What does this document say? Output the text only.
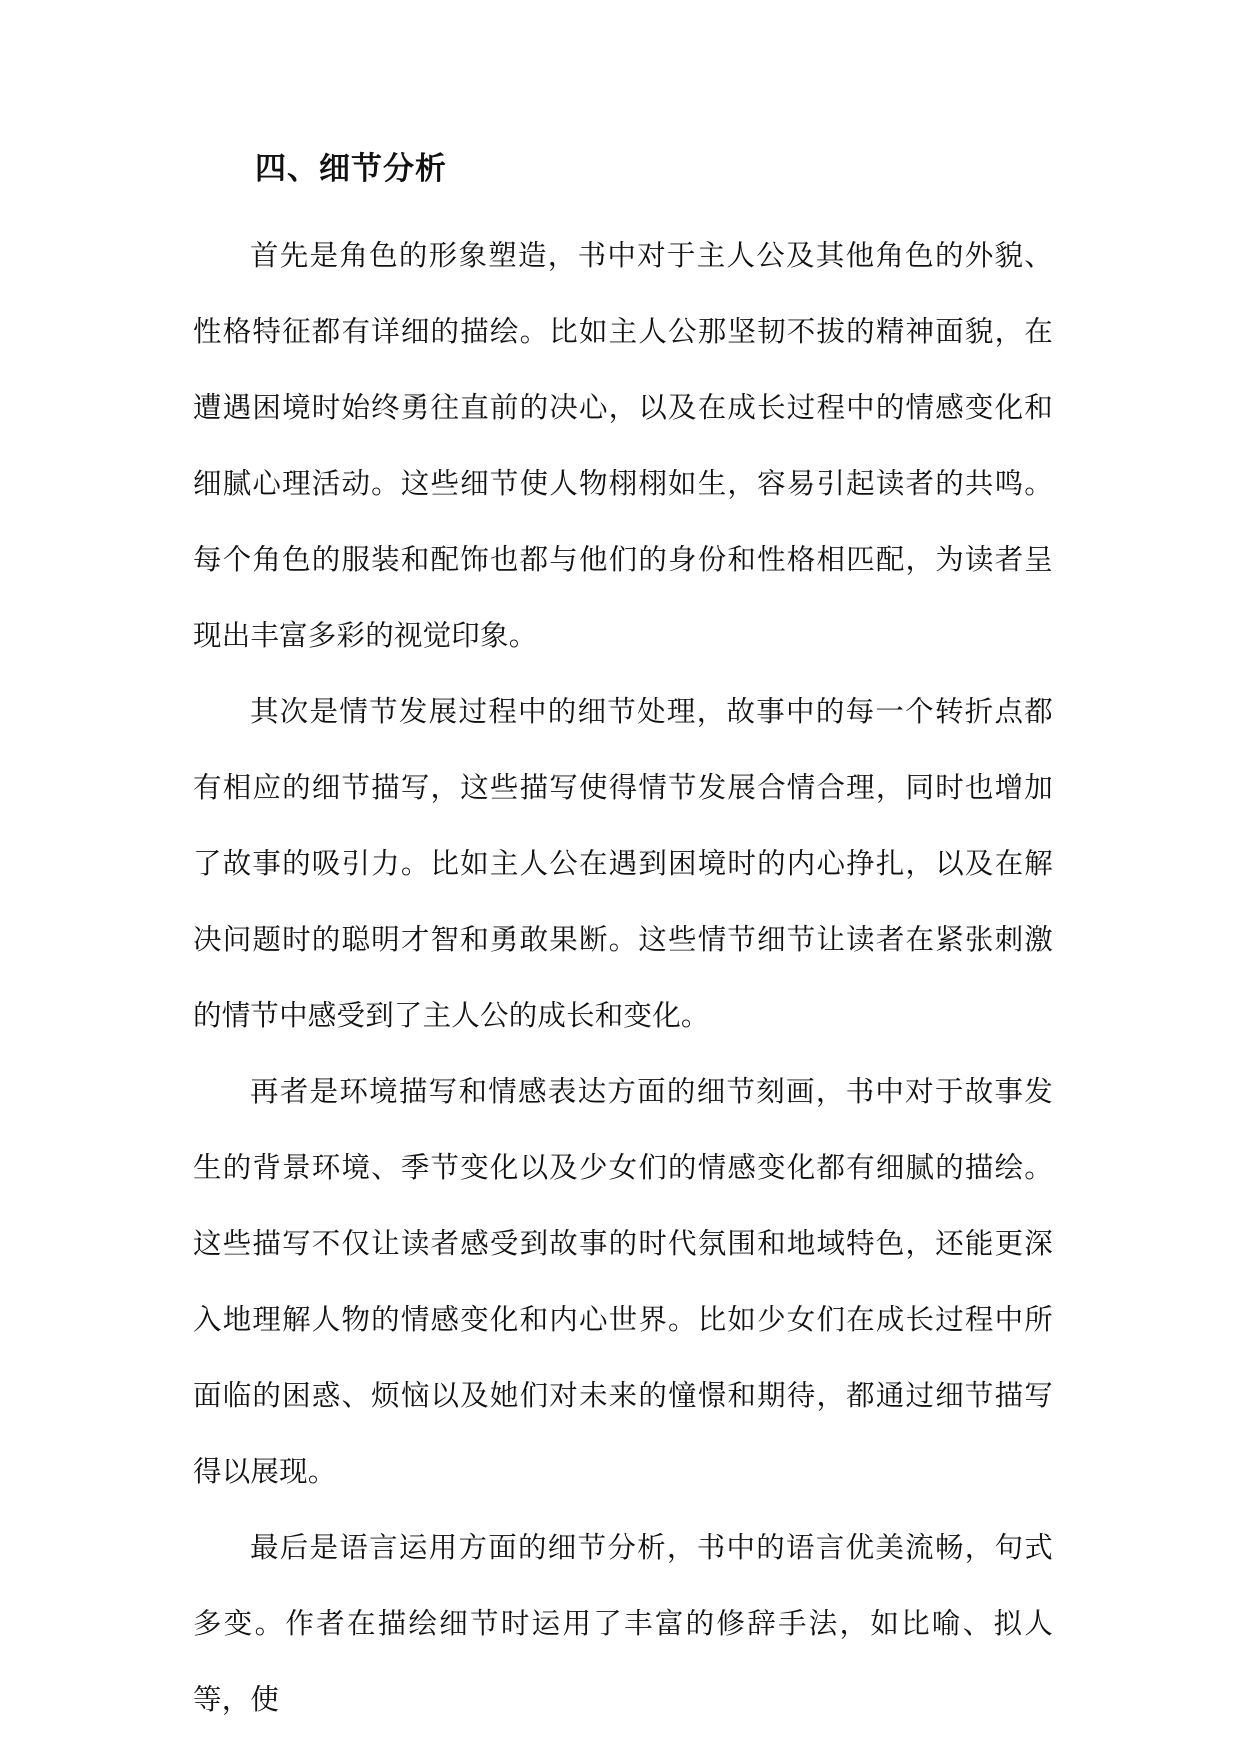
四、细节分析

首先是角色的形象塑造，书中对于主人公及其他角色的外貌、性格特征都有详细的描绘。比如主人公那坚韧不拔的精神面貌，在遭遇困境时始终勇往直前的决心，以及在成长过程中的情感变化和细腻心理活动。这些细节使人物栩栩如生，容易引起读者的共鸣。每个角色的服装和配饰也都与他们的身份和性格相匹配，为读者呈现出丰富多彩的视觉印象。

其次是情节发展过程中的细节处理，故事中的每一个转折点都有相应的细节描写，这些描写使得情节发展合情合理，同时也增加了故事的吸引力。比如主人公在遇到困境时的内心挣扎，以及在解决问题时的聪明才智和勇敢果断。这些情节细节让读者在紧张刺激的情节中感受到了主人公的成长和变化。

再者是环境描写和情感表达方面的细节刻画，书中对于故事发生的背景环境、季节变化以及少女们的情感变化都有细腻的描绘。这些描写不仅让读者感受到故事的时代氛围和地域特色，还能更深入地理解人物的情感变化和内心世界。比如少女们在成长过程中所面临的困惑、烦恼以及她们对未来的憧憬和期待，都通过细节描写得以展现。

最后是语言运用方面的细节分析，书中的语言优美流畅，句式多变。作者在描绘细节时运用了丰富的修辞手法，如比喻、拟人等，使
